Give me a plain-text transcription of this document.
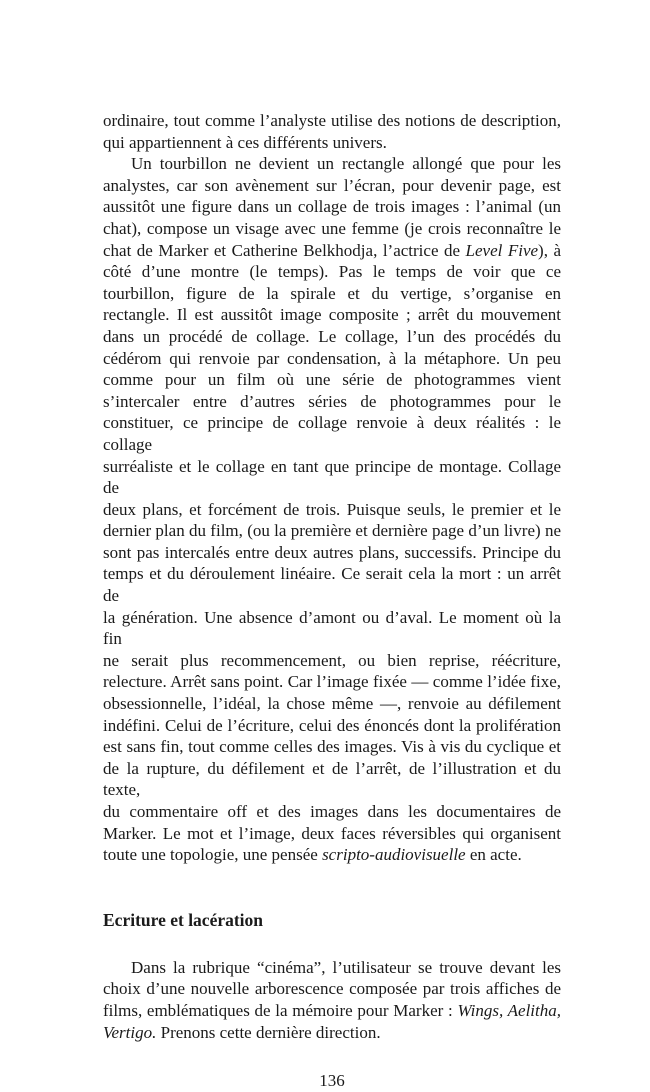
ordinaire, tout comme l’analyste utilise des notions de description,
qui appartiennent à ces différents univers.
Un tourbillon ne devient un rectangle allongé que pour les
analystes, car son avènement sur l’écran, pour devenir page, est
aussitôt une figure dans un collage de trois images : l’animal (un
chat), compose un visage avec une femme (je crois reconnaître le
chat de Marker et Catherine Belkhodja, l’actrice de Level Five), à
côté d’une montre (le temps). Pas le temps de voir que ce
tourbillon, figure de la spirale et du vertige, s’organise en
rectangle. Il est aussitôt image composite ; arrêt du mouvement
dans un procédé de collage. Le collage, l’un des procédés du
cédérom qui renvoie par condensation, à la métaphore. Un peu
comme pour un film où une série de photogrammes vient
s’intercaler entre d’autres séries de photogrammes pour le
constituer, ce principe de collage renvoie à deux réalités : le collage
surréaliste et le collage en tant que principe de montage. Collage de
deux plans, et forcément de trois. Puisque seuls, le premier et le
dernier plan du film, (ou la première et dernière page d’un livre) ne
sont pas intercalés entre deux autres plans, successifs. Principe du
temps et du déroulement linéaire. Ce serait cela la mort : un arrêt de
la génération. Une absence d’amont ou d’aval. Le moment où la fin
ne serait plus recommencement, ou bien reprise, réécriture,
relecture. Arrêt sans point. Car l’image fixée — comme l’idée fixe,
obsessionnelle, l’idéal, la chose même —, renvoie au défilement
indéfini. Celui de l’écriture, celui des énoncés dont la prolifération
est sans fin, tout comme celles des images. Vis à vis du cyclique et
de la rupture, du défilement et de l’arrêt, de l’illustration et du texte,
du commentaire off et des images dans les documentaires de
Marker. Le mot et l’image, deux faces réversibles qui organisent
toute une topologie, une pensée scripto-audiovisuelle en acte.
Ecriture et lacération
Dans la rubrique “cinéma”, l’utilisateur se trouve devant les
choix d’une nouvelle arborescence composée par trois affiches de
films, emblématiques de la mémoire pour Marker : Wings, Aelitha,
Vertigo. Prenons cette dernière direction.
136
